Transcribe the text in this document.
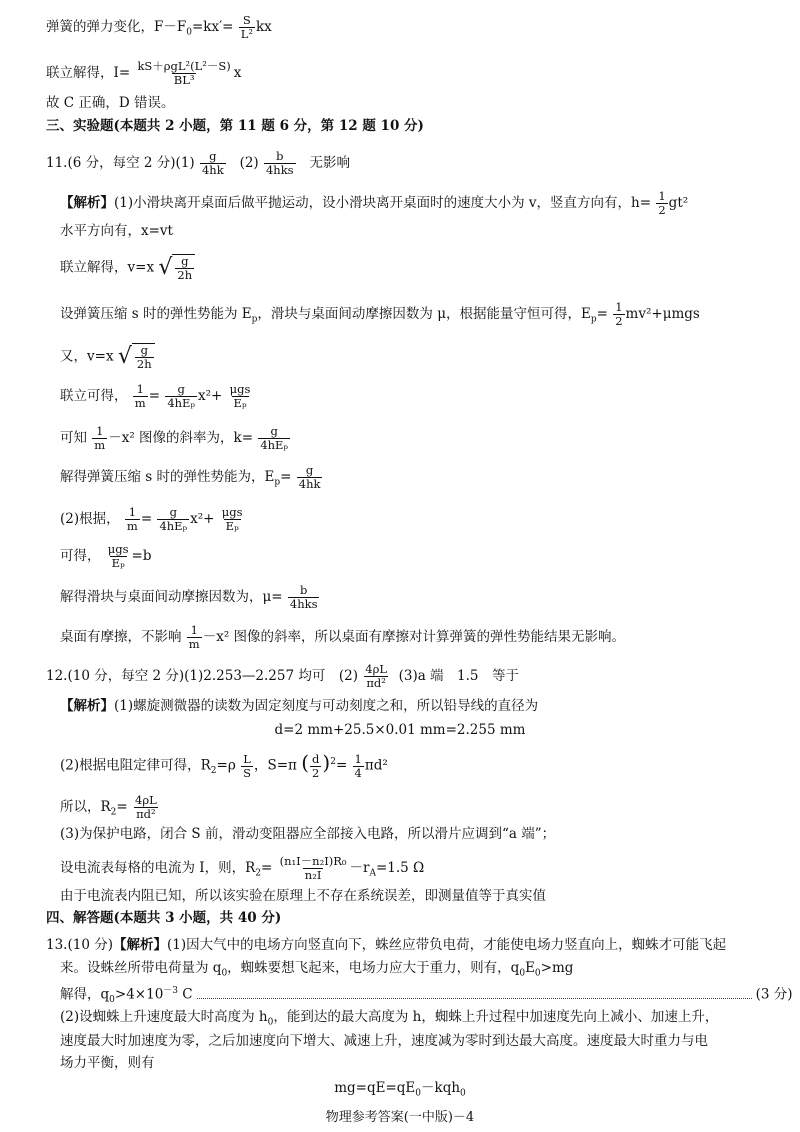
弹簧的弹力变化，$F-F_0=kx'= \frac{S}{\text{L²}}$ kx
联立解得，I= kS＋ρgL²(L²－S)
BL³	x
故 C 正确，D 错误。
三、实验题(本题共 2 小题，第 11 题 6 分，第 12 题 10 分)
11.(6 分，每空 2 分)$(1) \frac{g}{4hk} (2)$ b
4hks 无影响
【解析】(1)小滑块离开桌面后做平抛运动，设小滑块离开桌面时的速度大小为 v，竖直方向有，$h= \frac{1}{2} gt^2$
水平方向有，x=vt
联立解得，v=x √ $\frac{g}{2h}$
设弹簧压缩 s 时的弹性势能为 $E_p$，滑块与桌面间动摩擦因数为 μ，根据能量守恒可得，$E_p= \frac{1}{2} mv^2+\mu mgs$
又，v=x √ $\frac{g}{2h}$
联立可得， $\frac{1}{m} = g$
4hEₚ x²+ μgs
Eₚ
可知 $\frac{1}{m} -x^2$ 图像的斜率为，k= g
4hEₚ
解得弹簧压缩 s 时的弹性势能为，$E_p= \frac{g}{4hk}$
(2)根据， $\frac{1}{m} = g$
4hEₚ x²+ μgs
Eₚ
可得， μgs
Eₚ =b
解得滑块与桌面间动摩擦因数为，μ= b
4hks
桌面有摩擦，不影响 $\frac{1}{m} -x^2$ 图像的斜率，所以桌面有摩擦对计算弹簧的弹性势能结果无影响。
12.(10 分，每空 2 分)(1)2.253—2.257 均可　$(2) \frac{4\rho L}{\text{πd²}} (3)a$ 端　1.5　等于
【解析】(1)螺旋测微器的读数为固定刻度与可动刻度之和，所以铅导线的直径为
d=2 mm+25.5×0.01 mm=2.255 mm
(2)根据电阻定律可得，$R_2=\rho \frac{L}{S}$ ，S=π ( $\frac{d}{2} )^2= \frac{1}{4} \pi d^2$
所以，$R_2= \frac{4\rho L}{\text{πd²}}$
(3)为保护电路，闭合 S 前，滑动变阻器应全部接入电路，所以滑片应调到“a 端”；
设电流表每格的电流为 I，则，$R_2= \frac{\text{(n₁I－n₂I)R₀}}{\text{n₂I}} -r_A=1.5$ Ω
由于电流表内阻已知，所以该实验在原理上不存在系统误差，即测量值等于真实值
四、解答题(本题共 3 小题，共 40 分)
13.(10 分)【解析】(1)因大气中的电场方向竖直向下，蛛丝应带负电荷，才能使电场力竖直向上，蜘蛛才可能飞起
来。设蛛丝所带电荷量为 $q_0$，蜘蛛要想飞起来，电场力应大于重力，则有，$q_0E_0>mg$
解得，$q_0>4\times 10^{-3}$ C	(3 分)
(2)设蜘蛛上升速度最大时高度为 $h_0$，能到达的最大高度为 h，蜘蛛上升过程中加速度先向上减小、加速上升，
速度最大时加速度为零，之后加速度向下增大、减速上升，速度减为零时到达最大高度。速度最大时重力与电
场力平衡，则有
$mg=qE=qE_0-kqh_0$
物理参考答案(一中版)－4
